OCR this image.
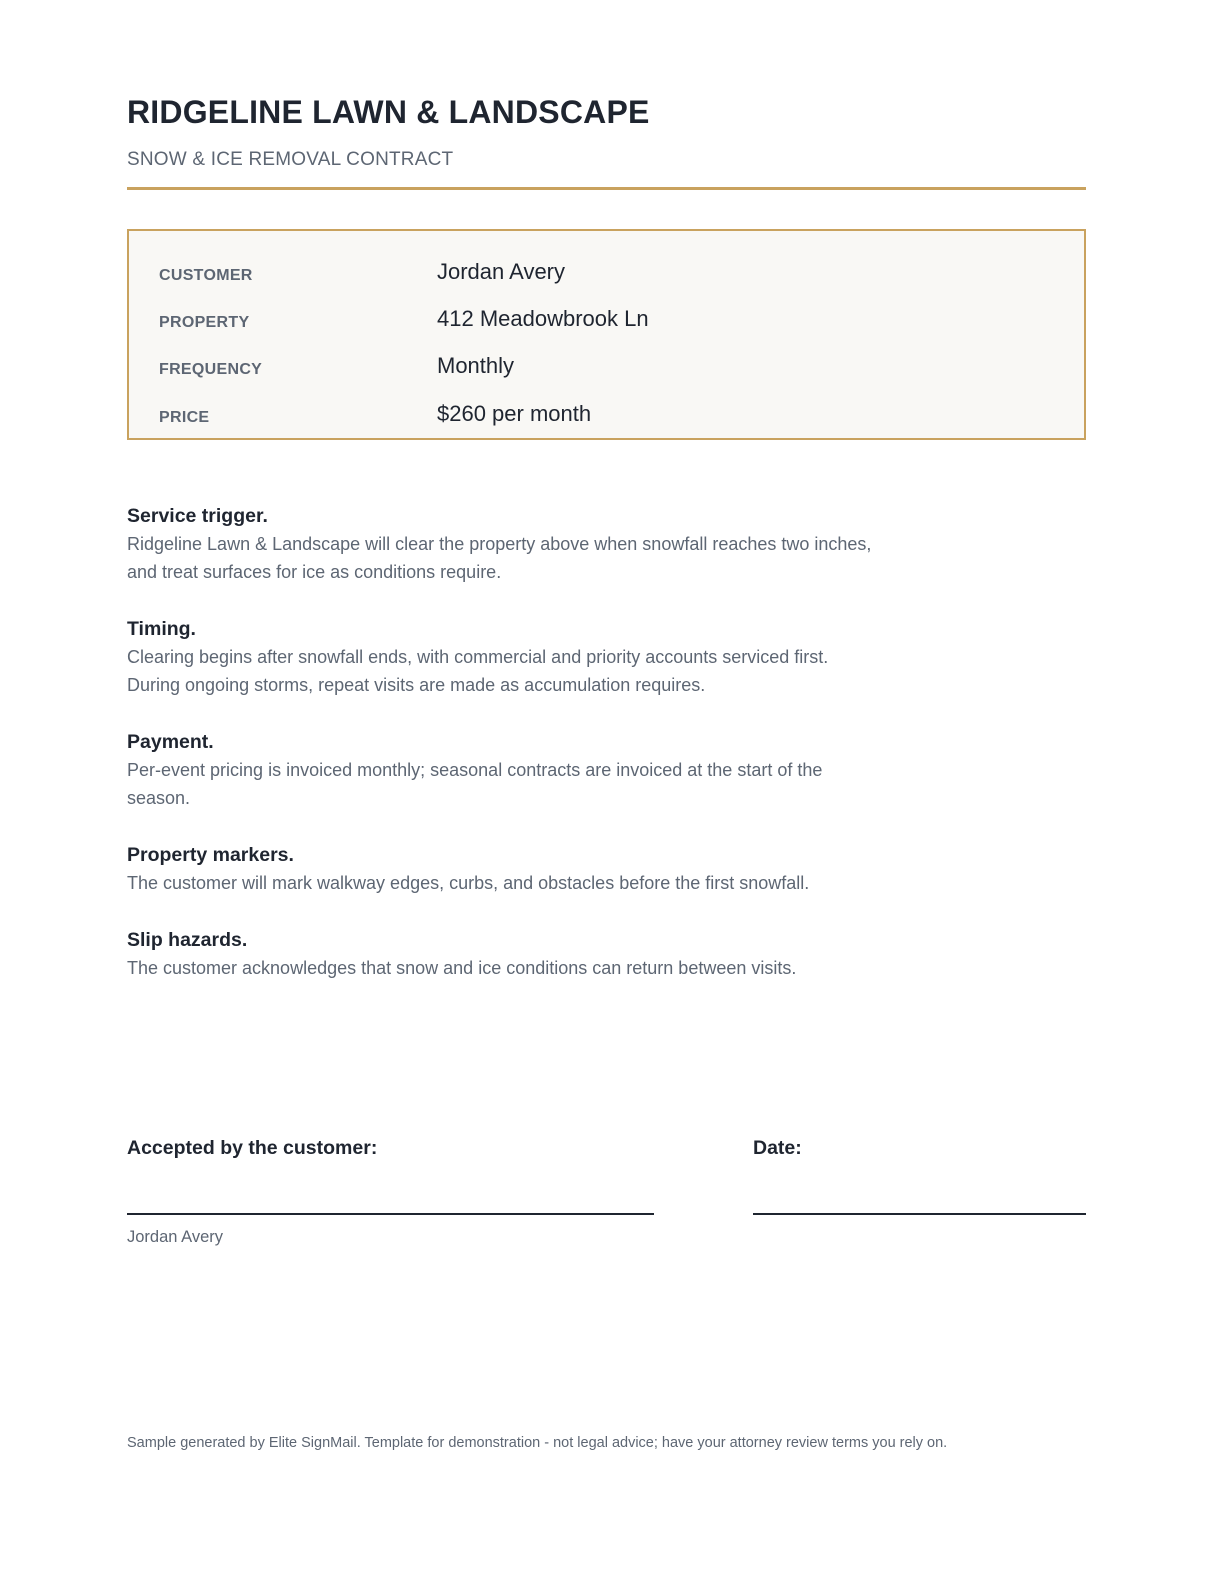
RIDGELINE LAWN & LANDSCAPE
SNOW & ICE REMOVAL CONTRACT
CUSTOMER	Jordan Avery
PROPERTY	412 Meadowbrook Ln
FREQUENCY	Monthly
PRICE	$260 per month

Service trigger.

Ridgeline Lawn & Landscape will clear the property above when snowfall reaches two inches,

and treat surfaces for ice as conditions require.

Timing.

Clearing begins after snowfall ends, with commercial and priority accounts serviced first.

During ongoing storms, repeat visits are made as accumulation requires.

Payment.

Per-event pricing is invoiced monthly; seasonal contracts are invoiced at the start of the

season.

Property markers.

The customer will mark walkway edges, curbs, and obstacles before the first snowfall.

Slip hazards.

The customer acknowledges that snow and ice conditions can return between visits.

Accepted by the customer:	Date:
Jordan Avery
Sample generated by Elite SignMail. Template for demonstration - not legal advice; have your attorney review terms you rely on.
